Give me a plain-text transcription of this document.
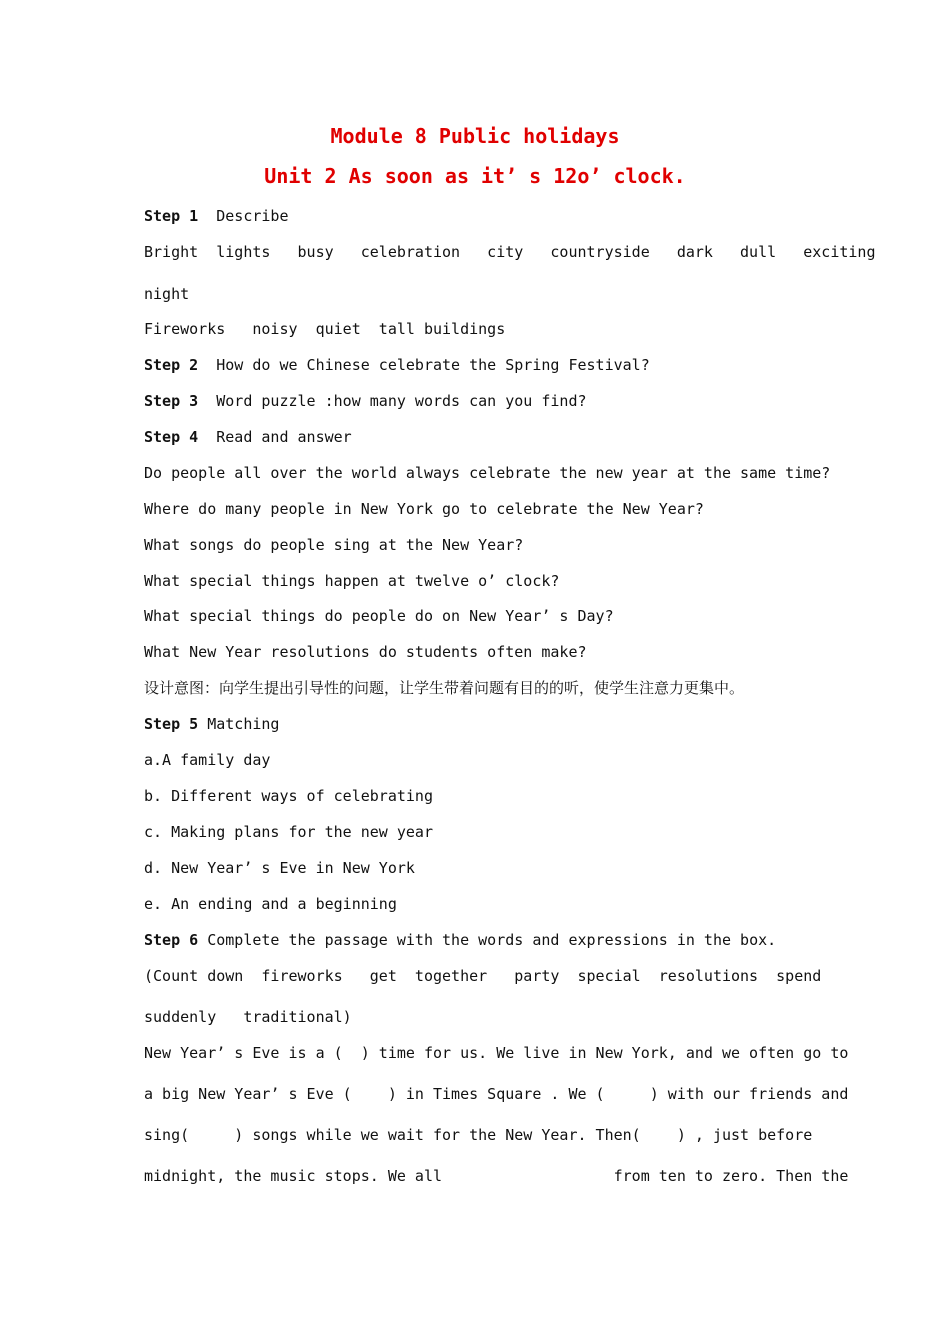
Module 8 Public holidays
Unit 2 As soon as it’ s 12o’ clock.
Step 1  Describe
Bright  lights   busy   celebration   city   countryside   dark   dull   exciting
night
Fireworks   noisy  quiet  tall buildings
Step 2  How do we Chinese celebrate the Spring Festival?
Step 3  Word puzzle :how many words can you find?
Step 4  Read and answer
Do people all over the world always celebrate the new year at the same time?
Where do many people in New York go to celebrate the New Year?
What songs do people sing at the New Year?
What special things happen at twelve o’ clock?
What special things do people do on New Year’ s Day?
What New Year resolutions do students often make?
设计意图：向学生提出引导性的问题，让学生带着问题有目的的听，使学生注意力更集中。
Step 5 Matching
a.A family day
b. Different ways of celebrating
c. Making plans for the new year
d. New Year’ s Eve in New York
e. An ending and a beginning
Step 6 Complete the passage with the words and expressions in the box.
(Count down  fireworks   get  together   party  special  resolutions  spend
suddenly   traditional)
New Year’ s Eve is a (  ) time for us. We live in New York, and we often go to
a big New Year’ s Eve (    ) in Times Square . We (     ) with our friends and
sing(     ) songs while we wait for the New Year. Then(    ) , just before
midnight, the music stops. We all                   from ten to zero. Then the
